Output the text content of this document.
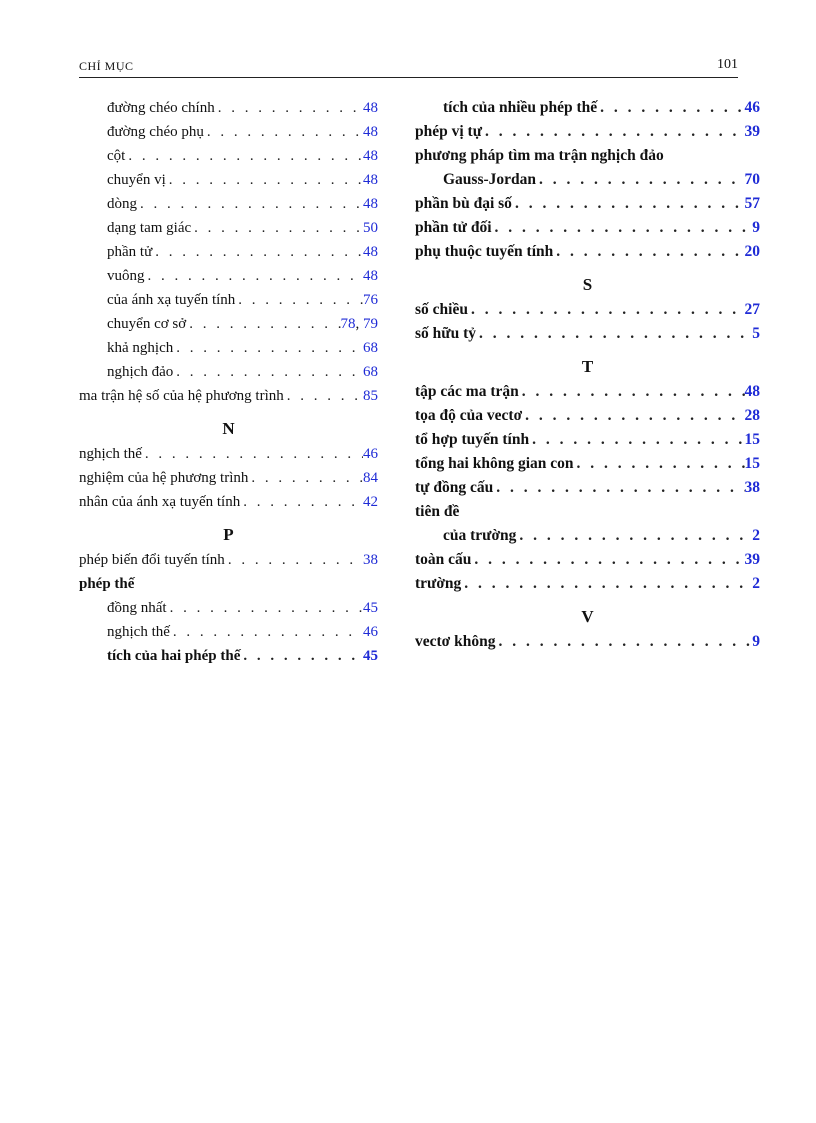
CHỈ MỤC	101
đường chéo chính . . .	48
đường chéo phụ . . .	48
cột . . .	48
chuyển vị . . .	48
dòng . . .	48
dạng tam giác . . .	50
phần tử . . .	48
vuông . . .	48
của ánh xạ tuyến tính . . .	76
chuyển cơ sở . . .	78, 79
khả nghịch . . .	68
nghịch đảo . . .	68
ma trận hệ số của hệ phương trình . . .	85
N
nghịch thế . . .	46
nghiệm của hệ phương trình . . .	84
nhân của ánh xạ tuyến tính . . .	42
P
phép biến đổi tuyến tính . . .	38
phép thế
đồng nhất . . .	45
nghịch thế . . .	46
tích của hai phép thế . . .	45
tích của nhiều phép thế . . .	46
phép vị tự . . .	39
phương pháp tìm ma trận nghịch đảo
Gauss-Jordan . . .	70
phần bù đại số . . .	57
phần tử đối . . .	9
phụ thuộc tuyến tính . . .	20
S
số chiều . . .	27
số hữu tỷ . . .	5
T
tập các ma trận . . .	48
tọa độ của vectơ . . .	28
tổ hợp tuyến tính . . .	15
tổng hai không gian con . . .	15
tự đồng cấu . . .	38
tiên đề
của trường . . .	2
toàn cấu . . .	39
trường . . .	2
V
vectơ không . . .	9
